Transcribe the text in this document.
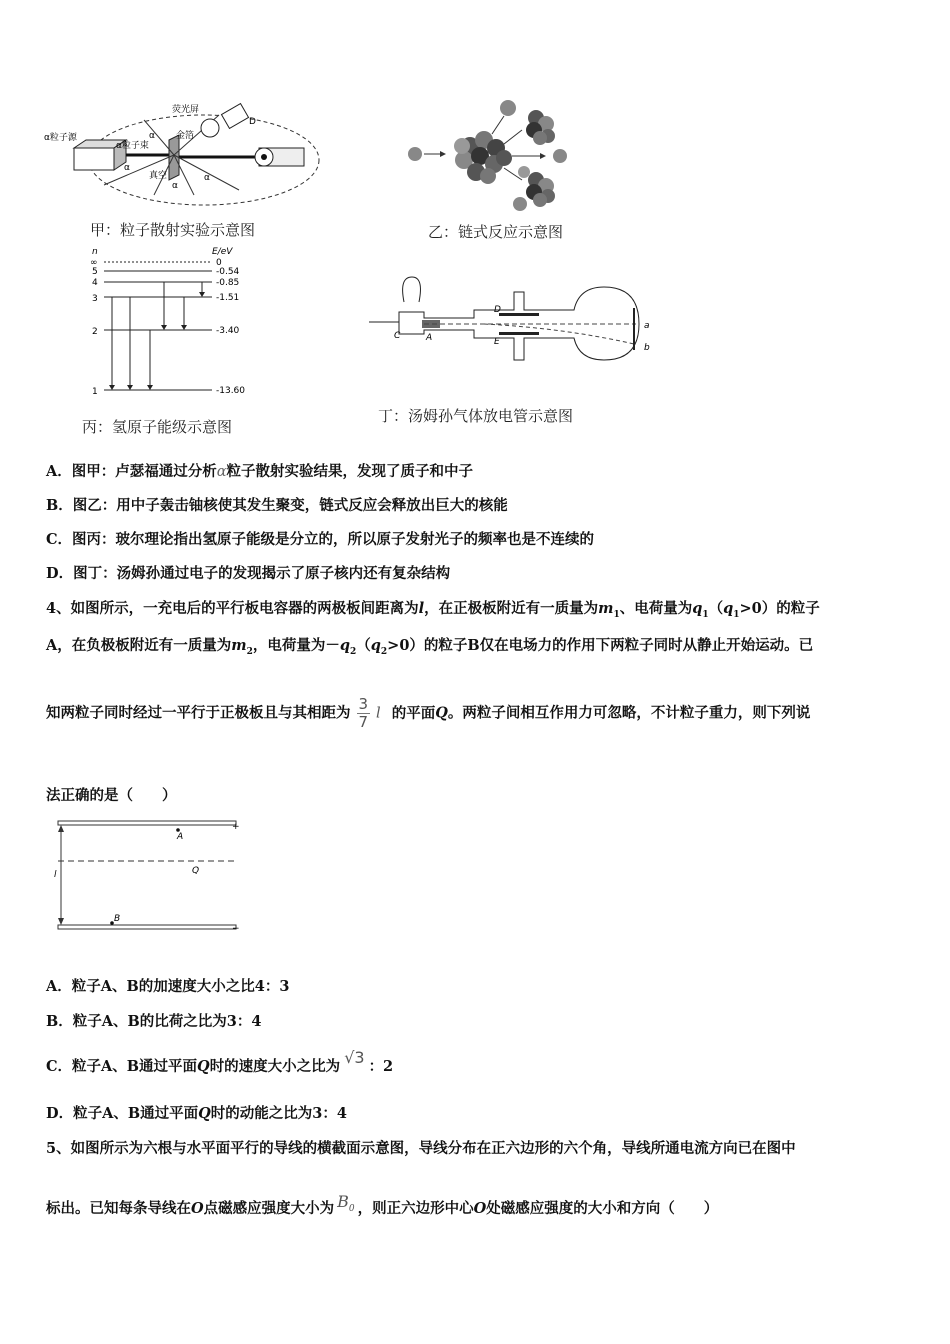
α粒子源
α粒子束
金箔
荧光屏
真空
α
α
α
α
D
甲：粒子散射实验示意图	乙：链式反应示意图
n	E/eV
∞
5
4
3
2
1
0
-0.54
-0.85
-1.51
-3.40
-13.60
丙：氢原子能级示意图
C	A
D
E
b
a
丁：汤姆孙气体放电管示意图
A．图甲：卢瑟福通过分析α粒子散射实验结果，发现了质子和中子
B．图乙：用中子轰击铀核使其发生聚变，链式反应会释放出巨大的核能
C．图丙：玻尔理论指出氢原子能级是分立的，所以原子发射光子的频率也是不连续的
D．图丁：汤姆孙通过电子的发现揭示了原子核内还有复杂结构
4、如图所示，一充电后的平行板电容器的两极板间距离为l，在正极板附近有一质量为$m_1$、电荷量为$q_1(q_1>0)$的粒子
A，在负极板附近有一质量为$m_2$，电荷量为$-q_2(q_2>0)$的粒子B仅在电场力的作用下两粒子同时从静止开始运动。已
知两粒子同时经过一平行于正极板且与其相距为 $\frac{3}{7}$ l 的平面Q。两粒子间相互作用力可忽略，不计粒子重力，则下列说
法正确的是（　　）
A
B
Q
l
+
−
A．粒子A、B的加速度大小之比4：3
B．粒子A、B的比荷之比为3：4
C．粒子A、B通过平面Q时的速度大小之比为 √3 ：2
D．粒子A、B通过平面Q时的动能之比为3：4
5、如图所示为六根与水平面平行的导线的横截面示意图，导线分布在正六边形的六个角，导线所通电流方向已在图中
标出。已知每条导线在O点磁感应强度大小为 $B_0$ ，则正六边形中心O处磁感应强度的大小和方向（　　）
